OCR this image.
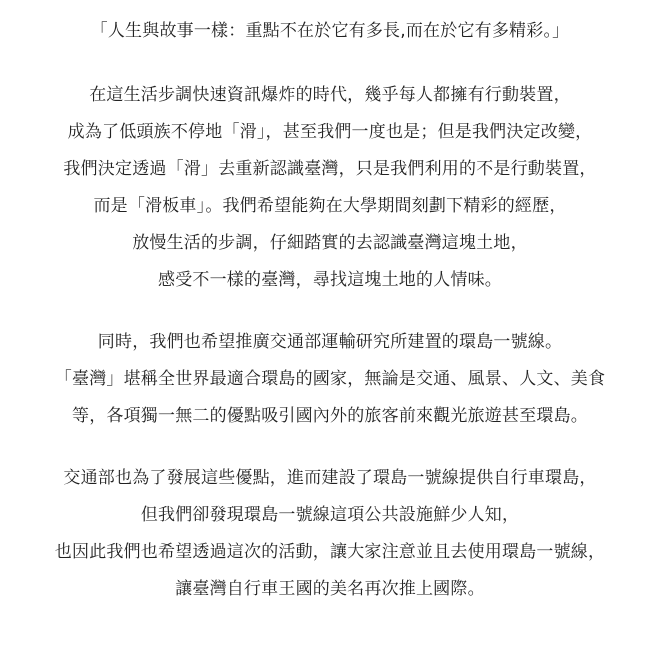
「人生與故事一樣：重點不在於它有多長,而在於它有多精彩。」
在這生活步調快速資訊爆炸的時代，幾乎每人都擁有行動裝置，
成為了低頭族不停地「滑」，甚至我們一度也是；但是我們決定改變，
我們決定透過「滑」去重新認識臺灣，只是我們利用的不是行動裝置，
而是「滑板車」。我們希望能夠在大學期間刻劃下精彩的經歷，
放慢生活的步調，仔細踏實的去認識臺灣這塊土地，
感受不一樣的臺灣，尋找這塊土地的人情味。
同時，我們也希望推廣交通部運輸研究所建置的環島一號線。
「臺灣」堪稱全世界最適合環島的國家，無論是交通、風景、人文、美食
等，各項獨一無二的優點吸引國內外的旅客前來觀光旅遊甚至環島。
交通部也為了發展這些優點，進而建設了環島一號線提供自行車環島，
但我們卻發現環島一號線這項公共設施鮮少人知，
也因此我們也希望透過這次的活動，讓大家注意並且去使用環島一號線，
讓臺灣自行車王國的美名再次推上國際。
